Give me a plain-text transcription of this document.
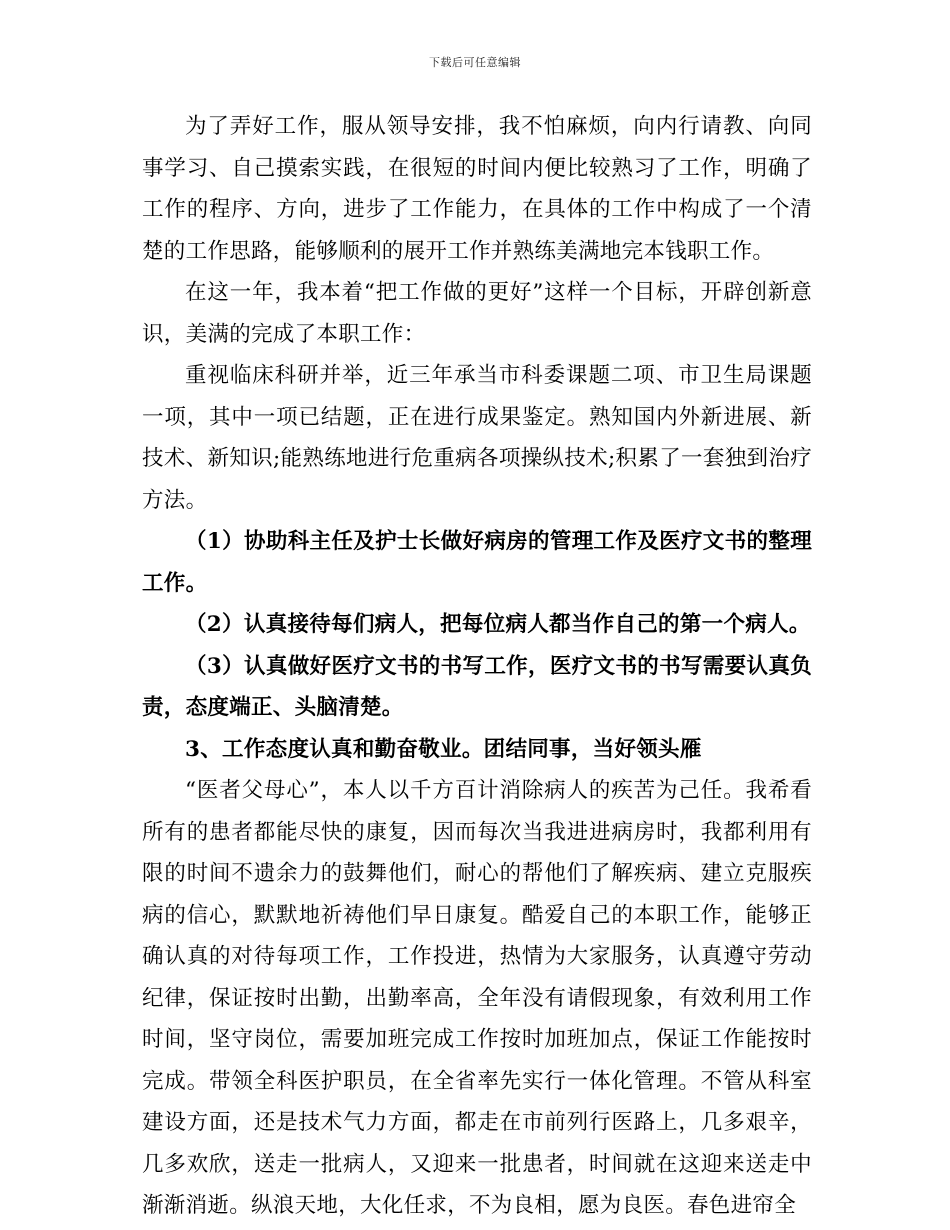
下载后可任意编辑

为了弄好工作，服从领导安排，我不怕麻烦，向内行请教、向同事学习、自己摸索实践，在很短的时间内便比较熟习了工作，明确了工作的程序、方向，进步了工作能力，在具体的工作中构成了一个清楚的工作思路，能够顺利的展开工作并熟练美满地完本钱职工作。

在这一年，我本着“把工作做的更好”这样一个目标，开辟创新意识，美满的完成了本职工作：

重视临床科研并举，近三年承当市科委课题二项、市卫生局课题一项，其中一项已结题，正在进行成果鉴定。熟知国内外新进展、新技术、新知识;能熟练地进行危重病各项操纵技术;积累了一套独到治疗方法。

（1）协助科主任及护士长做好病房的管理工作及医疗文书的整理工作。

（2）认真接待每们病人，把每位病人都当作自己的第一个病人。

（3）认真做好医疗文书的书写工作，医疗文书的书写需要认真负责，态度端正、头脑清楚。

3、工作态度认真和勤奋敬业。团结同事，当好领头雁

“医者父母心”，本人以千方百计消除病人的疾苦为己任。我希看所有的患者都能尽快的康复，因而每次当我进进病房时，我都利用有限的时间不遗余力的鼓舞他们，耐心的帮他们了解疾病、建立克服疾病的信心，默默地祈祷他们早日康复。酷爱自己的本职工作，能够正确认真的对待每项工作，工作投进，热情为大家服务，认真遵守劳动纪律，保证按时出勤，出勤率高，全年没有请假现象，有效利用工作时间，坚守岗位，需要加班完成工作按时加班加点，保证工作能按时完成。带领全科医护职员，在全省率先实行一体化管理。不管从科室建设方面，还是技术气力方面，都走在市前列行医路上，几多艰辛，几多欢欣，送走一批病人，又迎来一批患者，时间就在这迎来送走中渐渐消逝。纵浪天地，大化任求，不为良相，愿为良医。春色进帘全
